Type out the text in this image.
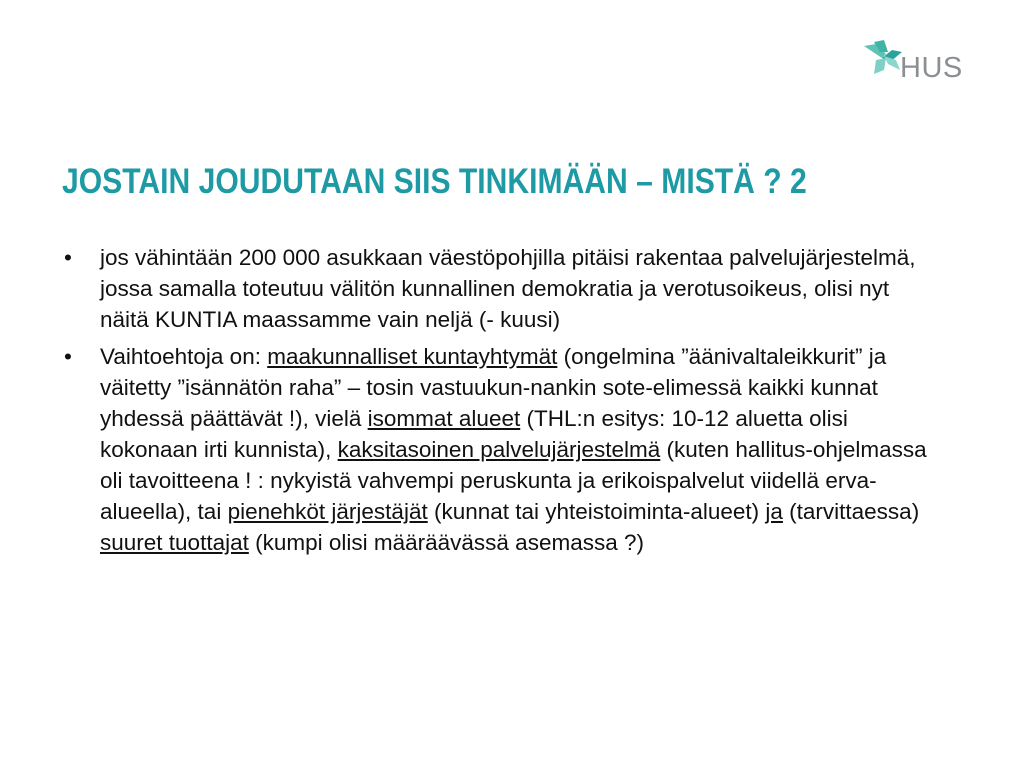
HUS
JOSTAIN JOUDUTAAN SIIS TINKIMÄÄN – MISTÄ ? 2
• jos vähintään 200 000 asukkaan väestöpohjilla pitäisi rakentaa palvelujärjestelmä, jossa samalla toteutuu välitön kunnallinen demokratia ja verotusoikeus, olisi nyt näitä KUNTIA maassamme vain neljä (- kuusi)
• Vaihtoehtoja on: maakunnalliset kuntayhtymät (ongelmina ”äänivaltaleikkurit” ja väitetty ”isännätön raha” – tosin vastuukun-nankin sote-elimessä kaikki kunnat yhdessä päättävät !), vielä isommat alueet (THL:n esitys: 10-12 aluetta olisi kokonaan irti kunnista), kaksitasoinen palvelujärjestelmä (kuten hallitus-ohjelmassa oli tavoitteena ! : nykyistä vahvempi peruskunta ja erikoispalvelut viidellä erva-alueella), tai pienehköt järjestäjät (kunnat tai yhteistoiminta-alueet) ja (tarvittaessa) suuret tuottajat (kumpi olisi määräävässä asemassa ?)
